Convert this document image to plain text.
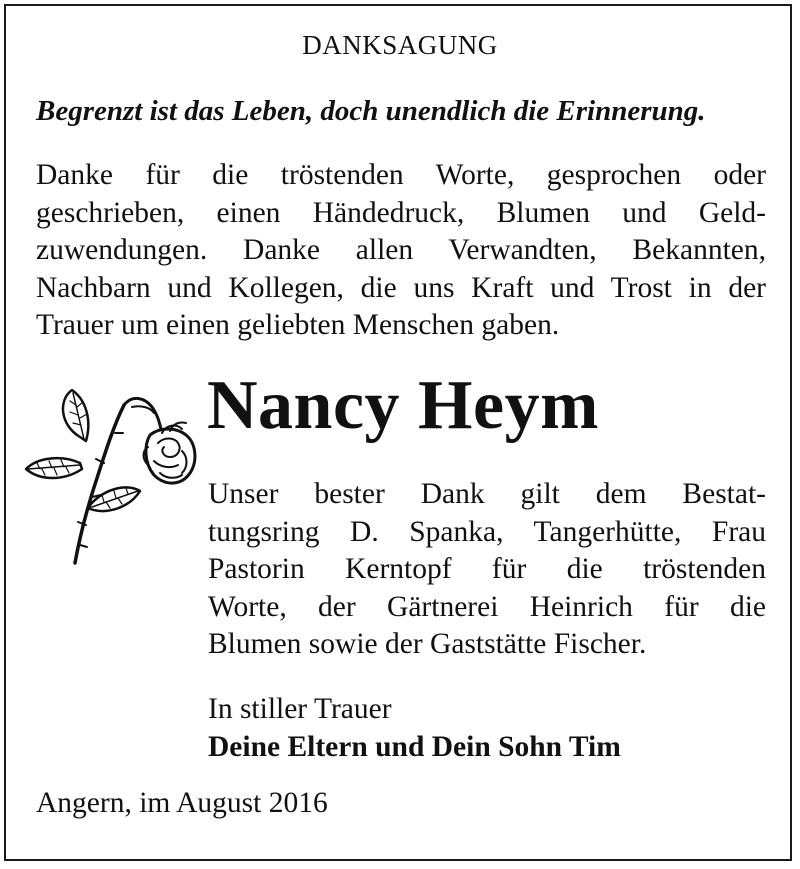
DANKSAGUNG
Begrenzt ist das Leben, doch unendlich die Erinnerung.
Danke für die tröstenden Worte, gesprochen oder
geschrieben, einen Händedruck, Blumen und Geld-
zuwendungen. Danke allen Verwandten, Bekannten,
Nachbarn und Kollegen, die uns Kraft und Trost in der
Trauer um einen geliebten Menschen gaben.
Nancy Heym
Unser bester Dank gilt dem Bestat-
tungsring D. Spanka, Tangerhütte, Frau
Pastorin Kerntopf für die tröstenden
Worte, der Gärtnerei Heinrich für die
Blumen sowie der Gaststätte Fischer.
In stiller Trauer
Deine Eltern und Dein Sohn Tim
Angern, im August 2016
